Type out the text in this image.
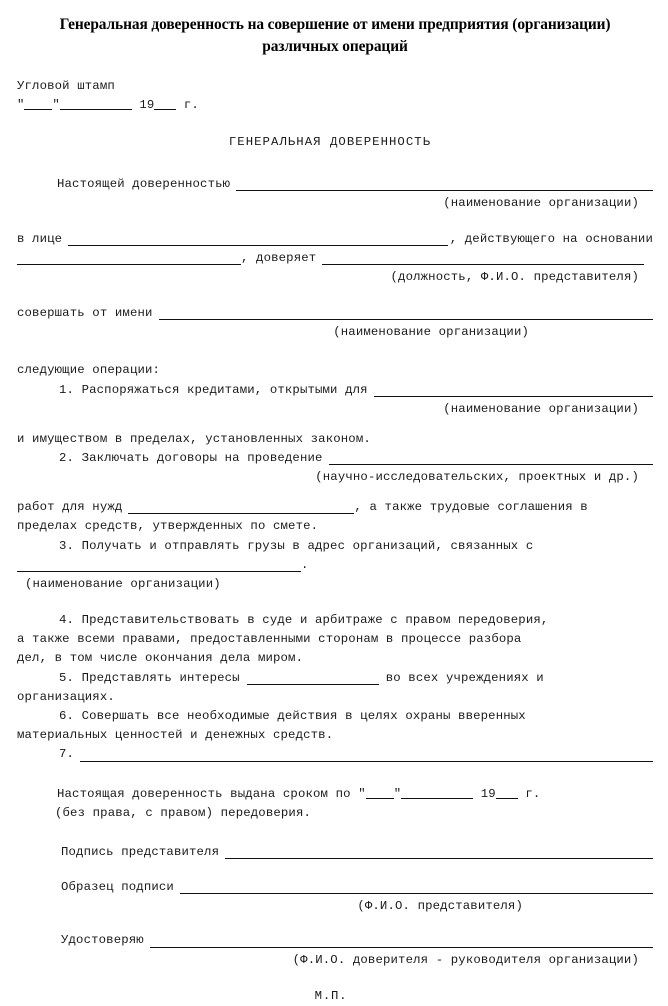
Генеральная доверенность на совершение от имени предприятия (организации)
различных операций
Угловой штамп
" "	19 г.
ГЕНЕРАЛЬНАЯ ДОВЕРЕННОСТЬ
Настоящей доверенностью
(наименование организации)
в лице	, действующего на основании
, доверяет
(должность, Ф.И.О. представителя)
совершать от имени
(наименование организации)
следующие операции:
1. Распоряжаться кредитами, открытыми для
(наименование организации)
и имуществом в пределах, установленных законом.
2. Заключать договоры на проведение
(научно-исследовательских, проектных и др.)
работ для нужд	, а также трудовые соглашения в
пределах средств, утвержденных по смете.
3. Получать и отправлять грузы в адрес организаций, связанных с
.
(наименование организации)
4. Представительствовать в суде и арбитраже с правом передоверия,
а также всеми правами, предоставленными сторонам в процессе разбора
дел, в том числе окончания дела миром.
5. Представлять интересы	во всех учреждениях и
организациях.
6. Совершать все необходимые действия в целях охраны вверенных
материальных ценностей и денежных средств.
7.
Настоящая доверенность выдана сроком по " "	19 г.
(без права, с правом) передоверия.
Подпись представителя
Образец подписи
(Ф.И.О. представителя)
Удостоверяю
(Ф.И.О. доверителя - руководителя организации)
М.П.
